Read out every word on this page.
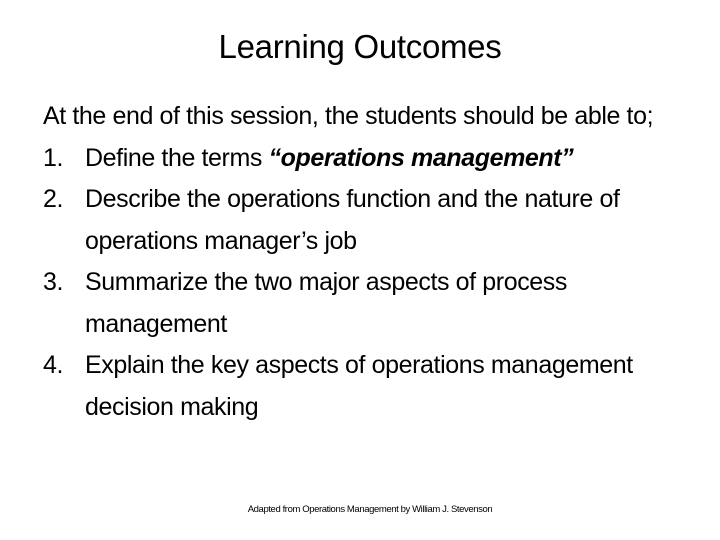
Learning Outcomes

At the end of this session, the students should be able to;

1. Define the terms “operations management”
2. Describe the operations function and the nature of operations manager’s job
3. Summarize the two major aspects of process management
4. Explain the key aspects of operations management decision making
Adapted from Operations Management by William J. Stevenson
